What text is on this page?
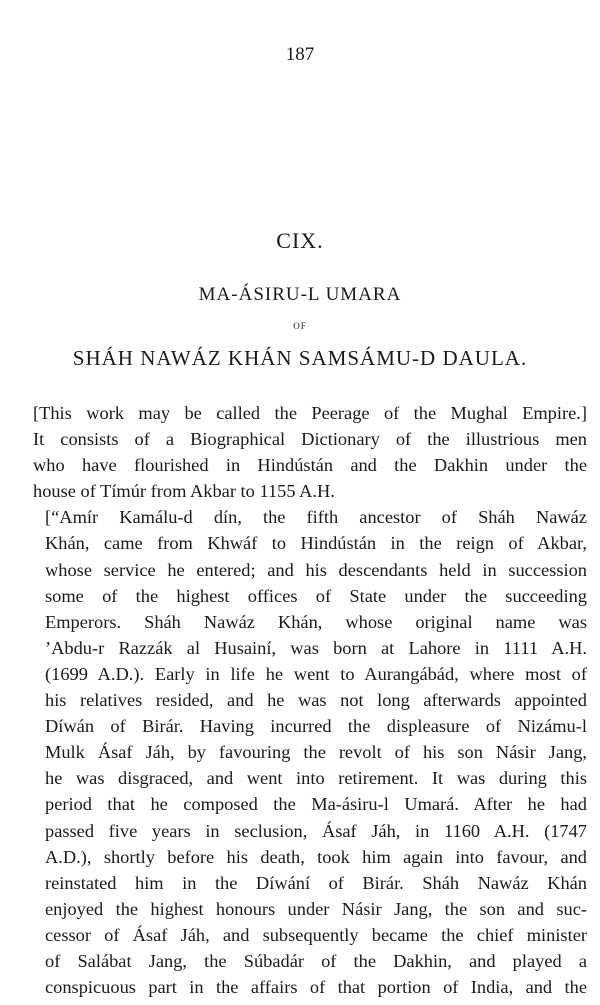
187
CIX.
MA-ÁSIRU-L UMARA
OF
SHÁH NAWÁZ KHÁN SAMSÁMU-D DAULA.

[This work may be called the Peerage of the Mughal Empire.]
It consists of a Biographical Dictionary of the illustrious men
who have flourished in Hindústán and the Dakhin under the
house of Tímúr from Akbar to 1155 A.H.

[“Amír Kamálu-d dín, the fifth ancestor of Sháh Nawáz
Khán, came from Khwáf to Hindústán in the reign of Akbar,
whose service he entered; and his descendants held in succession
some of the highest offices of State under the succeeding
Emperors. Sháh Nawáz Khán, whose original name was
’Abdu-r Razzák al Husainí, was born at Lahore in 1111 A.H.
(1699 A.D.). Early in life he went to Aurangábád, where most of
his relatives resided, and he was not long afterwards appointed
Díwán of Birár. Having incurred the displeasure of Nizámu-l
Mulk Ásaf Jáh, by favouring the revolt of his son Násir Jang,
he was disgraced, and went into retirement. It was during this
period that he composed the Ma-ásiru-l Umará. After he had
passed five years in seclusion, Ásaf Jáh, in 1160 A.H. (1747
A.D.), shortly before his death, took him again into favour, and
reinstated him in the Díwání of Birár. Sháh Nawáz Khán
enjoyed the highest honours under Násir Jang, the son and suc-
cessor of Ásaf Jáh, and subsequently became the chief minister
of Salábat Jang, the Súbadár of the Dakhin, and played a
conspicuous part in the affairs of that portion of India, and the
